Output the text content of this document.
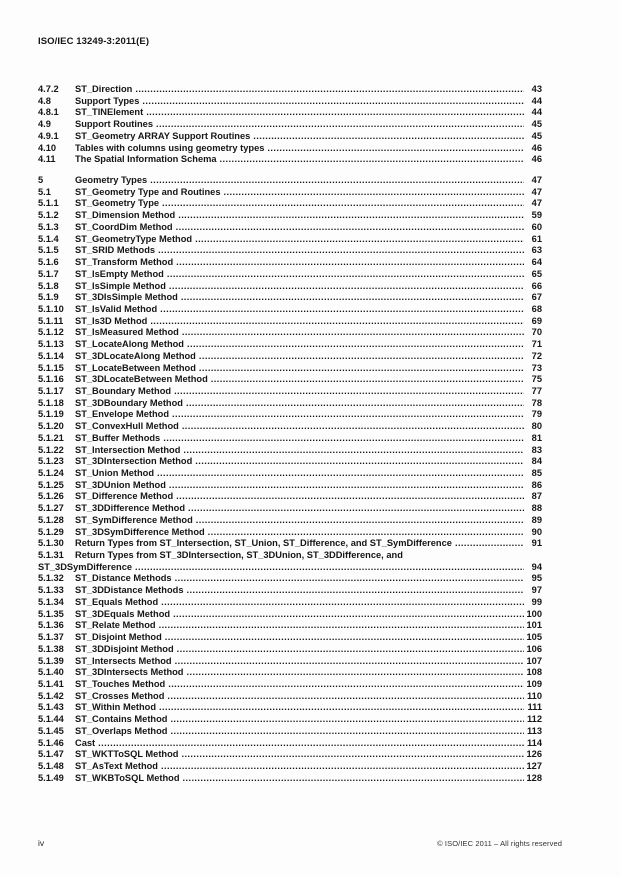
ISO/IEC 13249-3:2011(E)
4.7.2	ST_Direction .....	43
4.8	Support Types .....	44
4.8.1	ST_TINElement .....	44
4.9	Support Routines .....	45
4.9.1	ST_Geometry ARRAY Support Routines .....	45
4.10	Tables with columns using geometry types .....	46
4.11	The Spatial Information Schema .....	46
5	Geometry Types .....	47
5.1	ST_Geometry Type and Routines .....	47
5.1.1	ST_Geometry Type .....	47
5.1.2	ST_Dimension Method .....	59
5.1.3	ST_CoordDim Method .....	60
5.1.4	ST_GeometryType Method .....	61
5.1.5	ST_SRID Methods .....	63
5.1.6	ST_Transform Method .....	64
5.1.7	ST_IsEmpty Method .....	65
5.1.8	ST_IsSimple Method .....	66
5.1.9	ST_3DIsSimple Method .....	67
5.1.10	ST_IsValid Method .....	68
5.1.11	ST_Is3D Method .....	69
5.1.12	ST_IsMeasured Method .....	70
5.1.13	ST_LocateAlong Method .....	71
5.1.14	ST_3DLocateAlong Method .....	72
5.1.15	ST_LocateBetween Method .....	73
5.1.16	ST_3DLocateBetween Method .....	75
5.1.17	ST_Boundary Method .....	77
5.1.18	ST_3DBoundary Method .....	78
5.1.19	ST_Envelope Method .....	79
5.1.20	ST_ConvexHull Method .....	80
5.1.21	ST_Buffer Methods .....	81
5.1.22	ST_Intersection Method .....	83
5.1.23	ST_3DIntersection Method .....	84
5.1.24	ST_Union Method .....	85
5.1.25	ST_3DUnion Method .....	86
5.1.26	ST_Difference Method .....	87
5.1.27	ST_3DDifference Method .....	88
5.1.28	ST_SymDifference Method .....	89
5.1.29	ST_3DSymDifference Method .....	90
5.1.30	Return Types from ST_Intersection, ST_Union, ST_Difference, and ST_SymDifference .....	91
5.1.31	Return Types from ST_3DIntersection, ST_3DUnion, ST_3DDifference, and
ST_3DSymDifference .....	94
5.1.32	ST_Distance Methods .....	95
5.1.33	ST_3DDistance Methods .....	97
5.1.34	ST_Equals Method .....	99
5.1.35	ST_3DEquals Method .....	100
5.1.36	ST_Relate Method .....	101
5.1.37	ST_Disjoint Method .....	105
5.1.38	ST_3DDisjoint Method .....	106
5.1.39	ST_Intersects Method .....	107
5.1.40	ST_3DIntersects Method .....	108
5.1.41	ST_Touches Method .....	109
5.1.42	ST_Crosses Method .....	110
5.1.43	ST_Within Method .....	111
5.1.44	ST_Contains Method .....	112
5.1.45	ST_Overlaps Method .....	113
5.1.46	Cast .....	114
5.1.47	ST_WKTToSQL Method .....	126
5.1.48	ST_AsText Method .....	127
5.1.49	ST_WKBToSQL Method .....	128
iv	© ISO/IEC 2011 – All rights reserved
